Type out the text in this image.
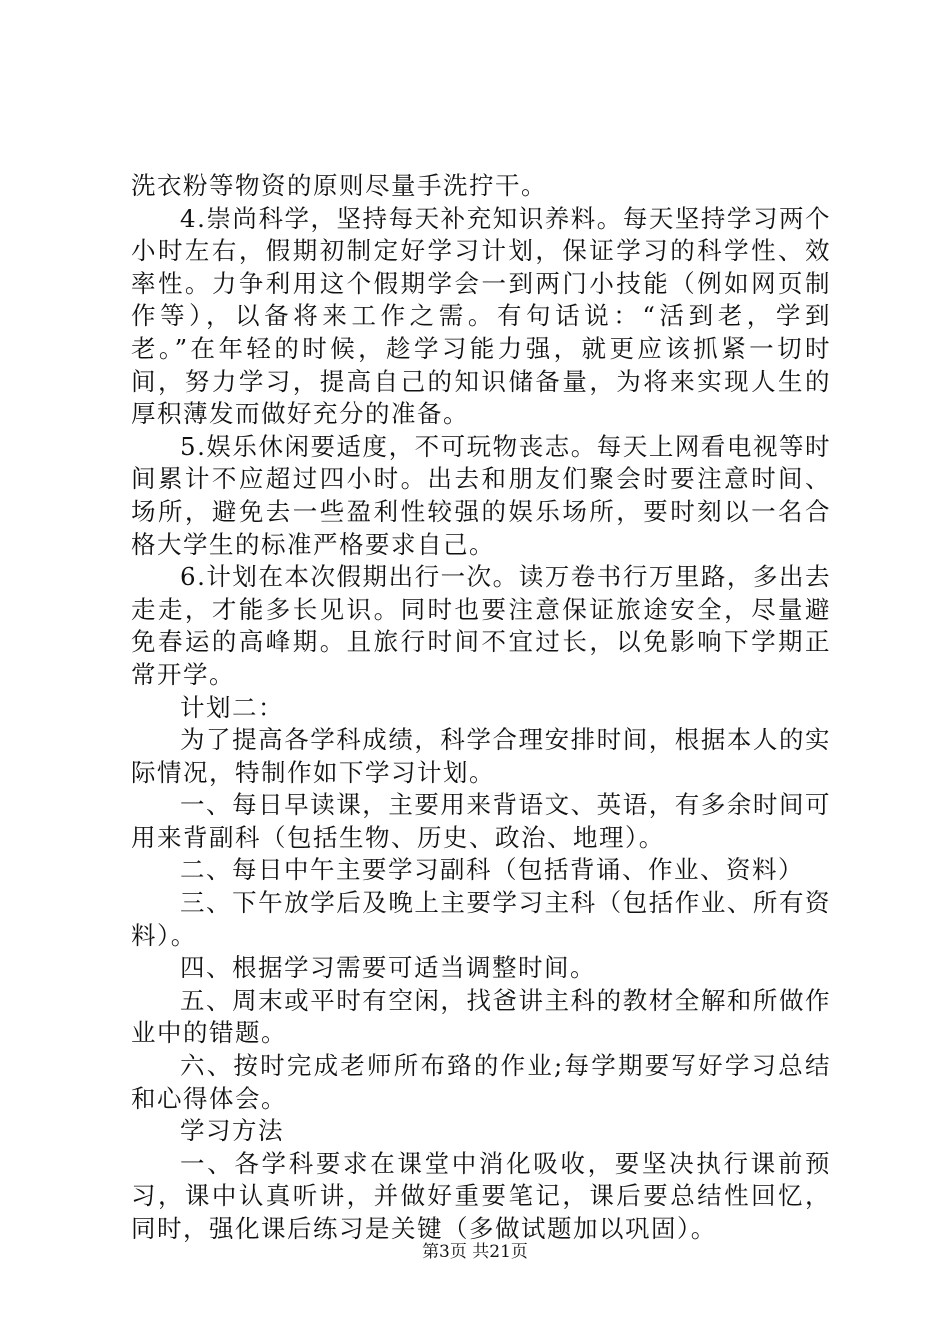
洗衣粉等物资的原则尽量手洗拧干。

4.崇尚科学，坚持每天补充知识养料。每天坚持学习两个小时左右，假期初制定好学习计划，保证学习的科学性、效率性。力争利用这个假期学会一到两门小技能（例如网页制作等），以备将来工作之需。有句话说：“活到老，学到老。”在年轻的时候，趁学习能力强，就更应该抓紧一切时间，努力学习，提高自己的知识储备量，为将来实现人生的厚积薄发而做好充分的准备。

5.娱乐休闲要适度，不可玩物丧志。每天上网看电视等时间累计不应超过四小时。出去和朋友们聚会时要注意时间、场所，避免去一些盈利性较强的娱乐场所，要时刻以一名合格大学生的标准严格要求自己。

6.计划在本次假期出行一次。读万卷书行万里路，多出去走走，才能多长见识。同时也要注意保证旅途安全，尽量避免春运的高峰期。且旅行时间不宜过长，以免影响下学期正常开学。

计划二：

为了提高各学科成绩，科学合理安排时间，根据本人的实际情况，特制作如下学习计划。

一、每日早读课，主要用来背语文、英语，有多余时间可用来背副科（包括生物、历史、政治、地理）。

二、每日中午主要学习副科（包括背诵、作业、资料）

三、下午放学后及晚上主要学习主科（包括作业、所有资料）。

四、根据学习需要可适当调整时间。

五、周末或平时有空闲，找爸讲主科的教材全解和所做作业中的错题。

六、按时完成老师所布臵的作业;每学期要写好学习总结和心得体会。

学习方法

一、各学科要求在课堂中消化吸收，要坚决执行课前预习，课中认真听讲，并做好重要笔记，课后要总结性回忆，同时，强化课后练习是关键（多做试题加以巩固）。

第3页 共21页
